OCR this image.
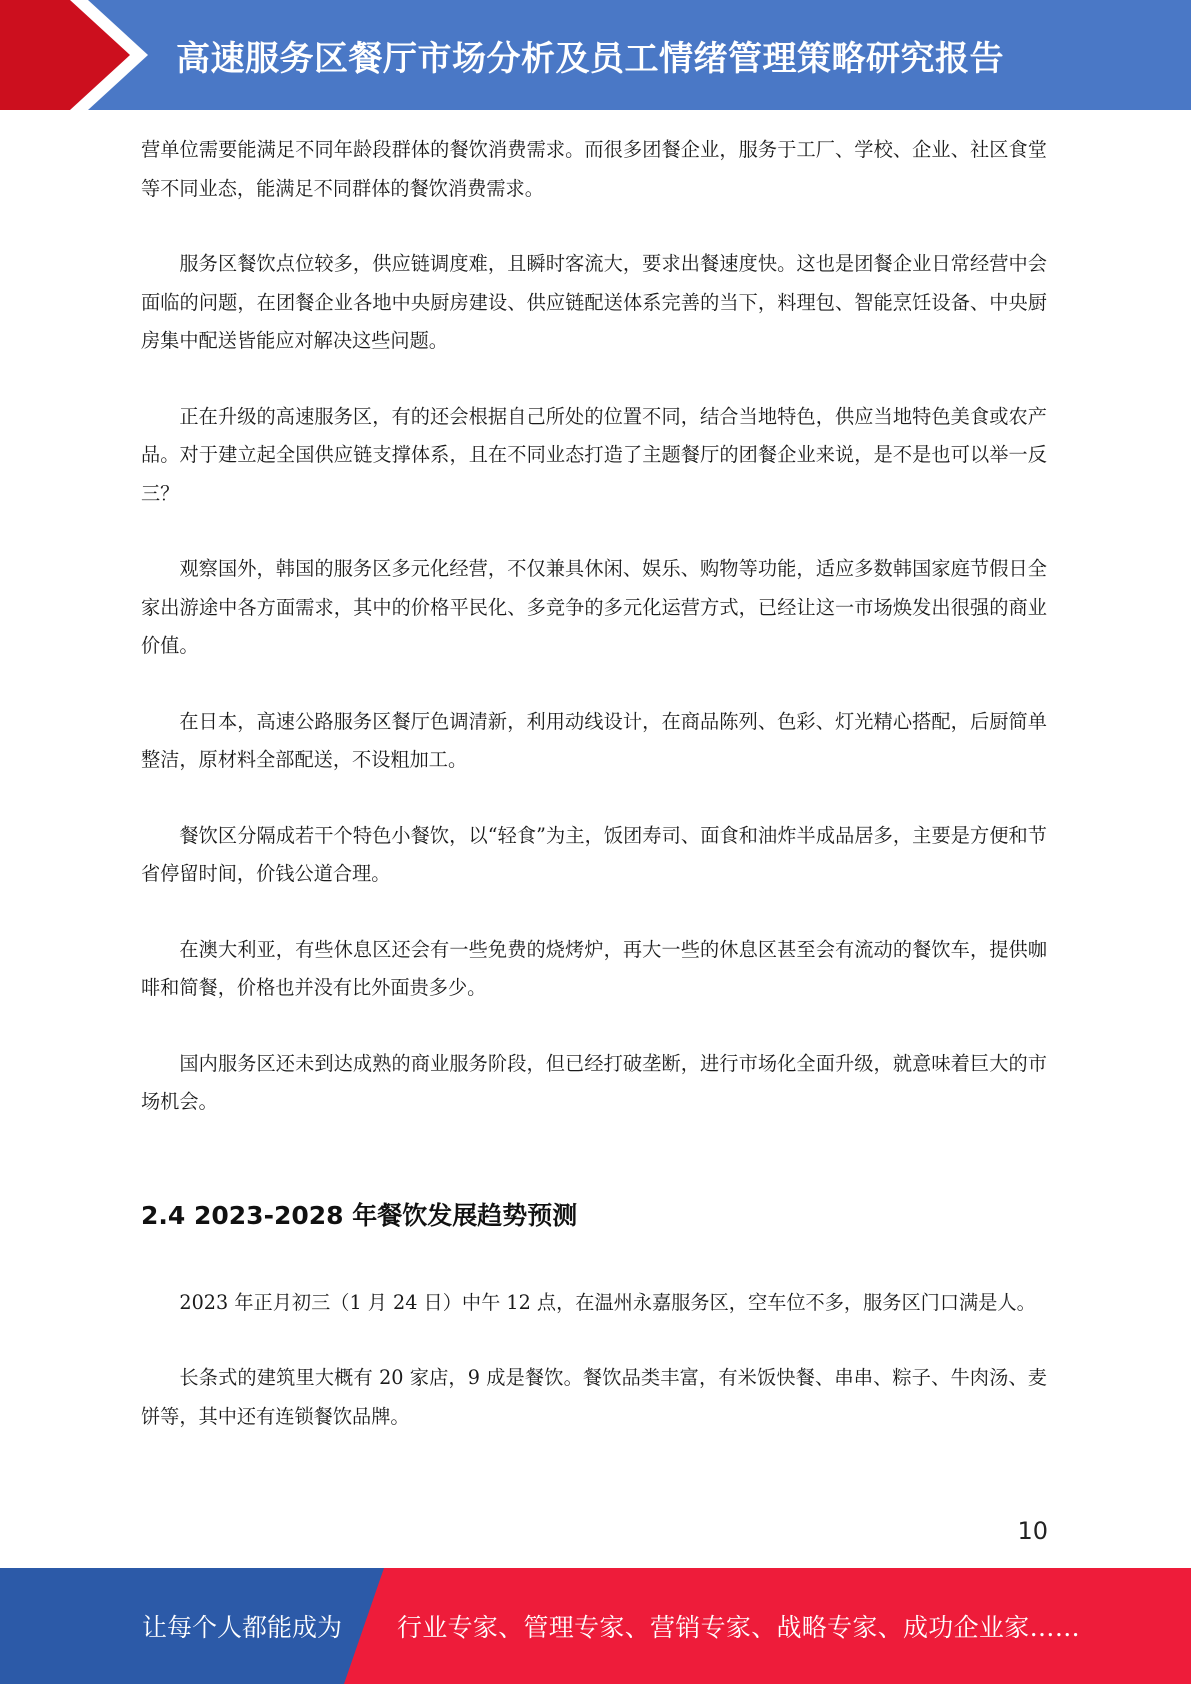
高速服务区餐厅市场分析及员工情绪管理策略研究报告

营单位需要能满足不同年龄段群体的餐饮消费需求。而很多团餐企业，服务于工厂、学校、企业、社区食堂等不同业态，能满足不同群体的餐饮消费需求。

服务区餐饮点位较多，供应链调度难，且瞬时客流大，要求出餐速度快。这也是团餐企业日常经营中会面临的问题，在团餐企业各地中央厨房建设、供应链配送体系完善的当下，料理包、智能烹饪设备、中央厨房集中配送皆能应对解决这些问题。

正在升级的高速服务区，有的还会根据自己所处的位置不同，结合当地特色，供应当地特色美食或农产品。对于建立起全国供应链支撑体系，且在不同业态打造了主题餐厅的团餐企业来说，是不是也可以举一反三？

观察国外，韩国的服务区多元化经营，不仅兼具休闲、娱乐、购物等功能，适应多数韩国家庭节假日全家出游途中各方面需求，其中的价格平民化、多竞争的多元化运营方式，已经让这一市场焕发出很强的商业价值。

在日本，高速公路服务区餐厅色调清新，利用动线设计，在商品陈列、色彩、灯光精心搭配，后厨简单整洁，原材料全部配送，不设粗加工。

餐饮区分隔成若干个特色小餐饮，以“轻食”为主，饭团寿司、面食和油炸半成品居多，主要是方便和节省停留时间，价钱公道合理。

在澳大利亚，有些休息区还会有一些免费的烧烤炉，再大一些的休息区甚至会有流动的餐饮车，提供咖啡和简餐，价格也并没有比外面贵多少。

国内服务区还未到达成熟的商业服务阶段，但已经打破垄断，进行市场化全面升级，就意味着巨大的市场机会。

2.4 2023-2028 年餐饮发展趋势预测

2023 年正月初三（1 月 24 日）中午 12 点，在温州永嘉服务区，空车位不多，服务区门口满是人。

长条式的建筑里大概有 20 家店，9 成是餐饮。餐饮品类丰富，有米饭快餐、串串、粽子、牛肉汤、麦饼等，其中还有连锁餐饮品牌。

10
让每个人都能成为 行业专家、管理专家、营销专家、战略专家、成功企业家……
